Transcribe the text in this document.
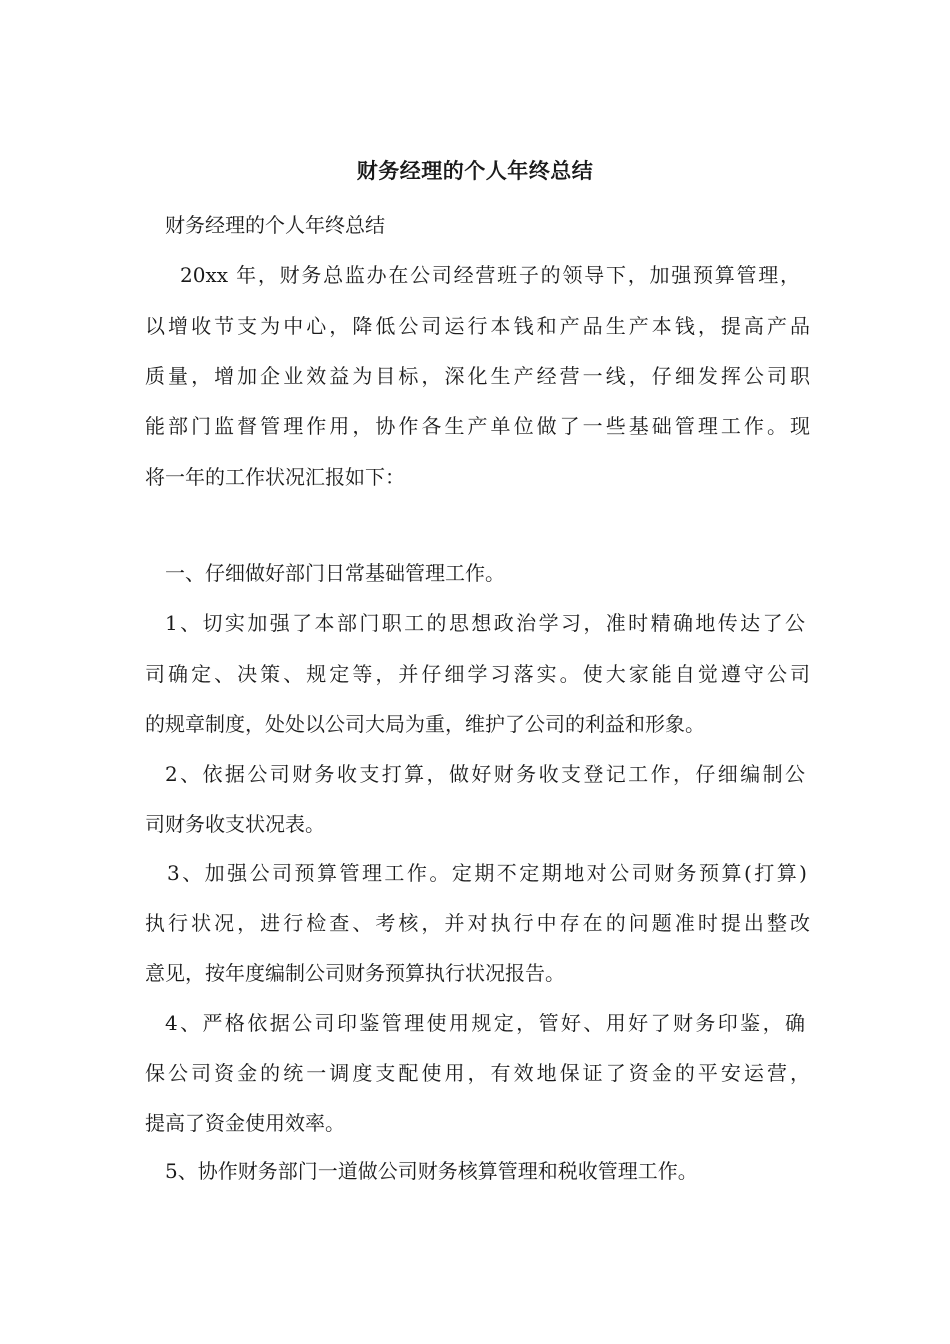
财务经理的个人年终总结
财务经理的个人年终总结
20xx 年，财务总监办在公司经营班子的领导下，加强预算管理，
以增收节支为中心，降低公司运行本钱和产品生产本钱，提高产品
质量，增加企业效益为目标，深化生产经营一线，仔细发挥公司职
能部门监督管理作用，协作各生产单位做了一些基础管理工作。现
将一年的工作状况汇报如下：
一、仔细做好部门日常基础管理工作。
1、切实加强了本部门职工的思想政治学习，准时精确地传达了公
司确定、决策、规定等，并仔细学习落实。使大家能自觉遵守公司
的规章制度，处处以公司大局为重，维护了公司的利益和形象。
2、依据公司财务收支打算，做好财务收支登记工作，仔细编制公
司财务收支状况表。
3、加强公司预算管理工作。定期不定期地对公司财务预算(打算)
执行状况，进行检查、考核，并对执行中存在的问题准时提出整改
意见，按年度编制公司财务预算执行状况报告。
4、严格依据公司印鉴管理使用规定，管好、用好了财务印鉴，确
保公司资金的统一调度支配使用，有效地保证了资金的平安运营，
提高了资金使用效率。
5、协作财务部门一道做公司财务核算管理和税收管理工作。
